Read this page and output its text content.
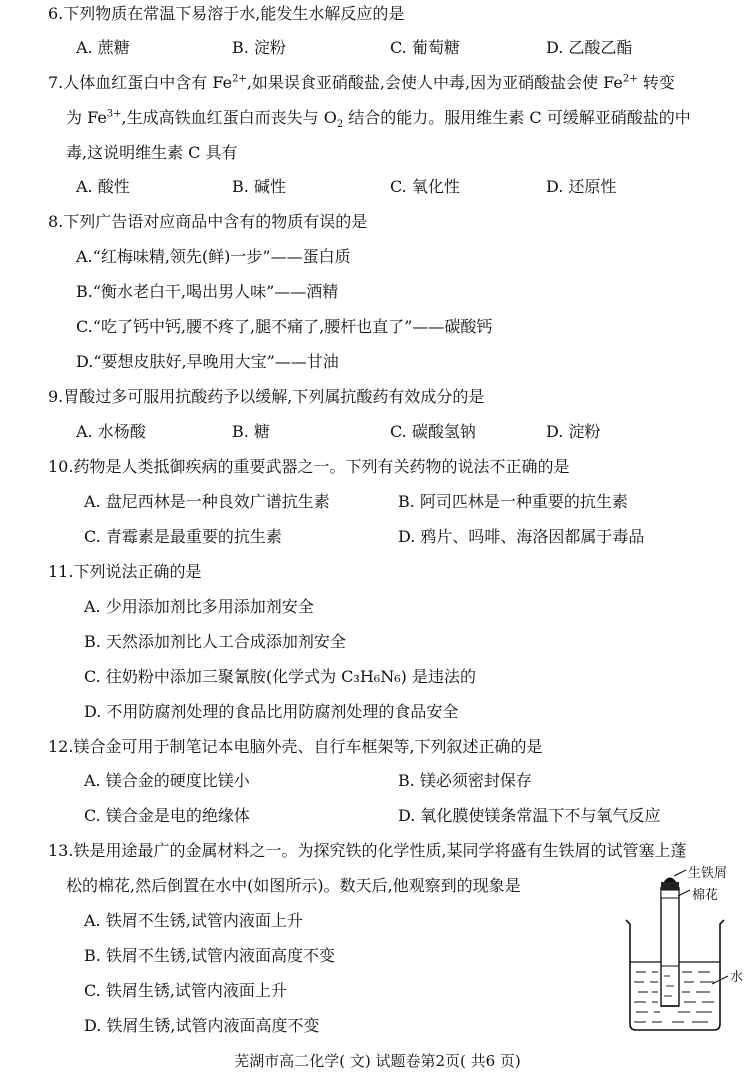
6.下列物质在常温下易溶于水,能发生水解反应的是
A. 蔗糖	B. 淀粉	C. 葡萄糖	D. 乙酸乙酯
7.人体血红蛋白中含有 $Fe^{2+}$,如果误食亚硝酸盐,会使人中毒,因为亚硝酸盐会使 $Fe^{2+}$ 转变
为 $Fe^{3+}$,生成高铁血红蛋白而丧失与 $O_2$ 结合的能力。服用维生素 C 可缓解亚硝酸盐的中
毒,这说明维生素 C 具有
A. 酸性	B. 碱性	C. 氧化性	D. 还原性
8.下列广告语对应商品中含有的物质有误的是
A.“红梅味精,领先(鲜)一步”——蛋白质
B.“衡水老白干,喝出男人味”——酒精
C.“吃了钙中钙,腰不疼了,腿不痛了,腰杆也直了”——碳酸钙
D.“要想皮肤好,早晚用大宝”——甘油
9.胃酸过多可服用抗酸药予以缓解,下列属抗酸药有效成分的是
A. 水杨酸	B. 糖	C. 碳酸氢钠	D. 淀粉
10.药物是人类抵御疾病的重要武器之一。下列有关药物的说法不正确的是
A. 盘尼西林是一种良效广谱抗生素	B. 阿司匹林是一种重要的抗生素
C. 青霉素是最重要的抗生素	D. 鸦片、吗啡、海洛因都属于毒品
11.下列说法正确的是
A. 少用添加剂比多用添加剂安全
B. 天然添加剂比人工合成添加剂安全
C. 往奶粉中添加三聚氰胺(化学式为 C₃H₆N₆) 是违法的
D. 不用防腐剂处理的食品比用防腐剂处理的食品安全
12.镁合金可用于制笔记本电脑外壳、自行车框架等,下列叙述正确的是
A. 镁合金的硬度比镁小	B. 镁必须密封保存
C. 镁合金是电的绝缘体	D. 氧化膜使镁条常温下不与氧气反应
13.铁是用途最广的金属材料之一。为探究铁的化学性质,某同学将盛有生铁屑的试管塞上蓬
松的棉花,然后倒置在水中(如图所示)。数天后,他观察到的现象是
A. 铁屑不生锈,试管内液面上升
B. 铁屑不生锈,试管内液面高度不变
C. 铁屑生锈,试管内液面上升
D. 铁屑生锈,试管内液面高度不变
生铁屑
棉花
水
芜湖市高二化学( 文) 试题卷第2页( 共6 页)
